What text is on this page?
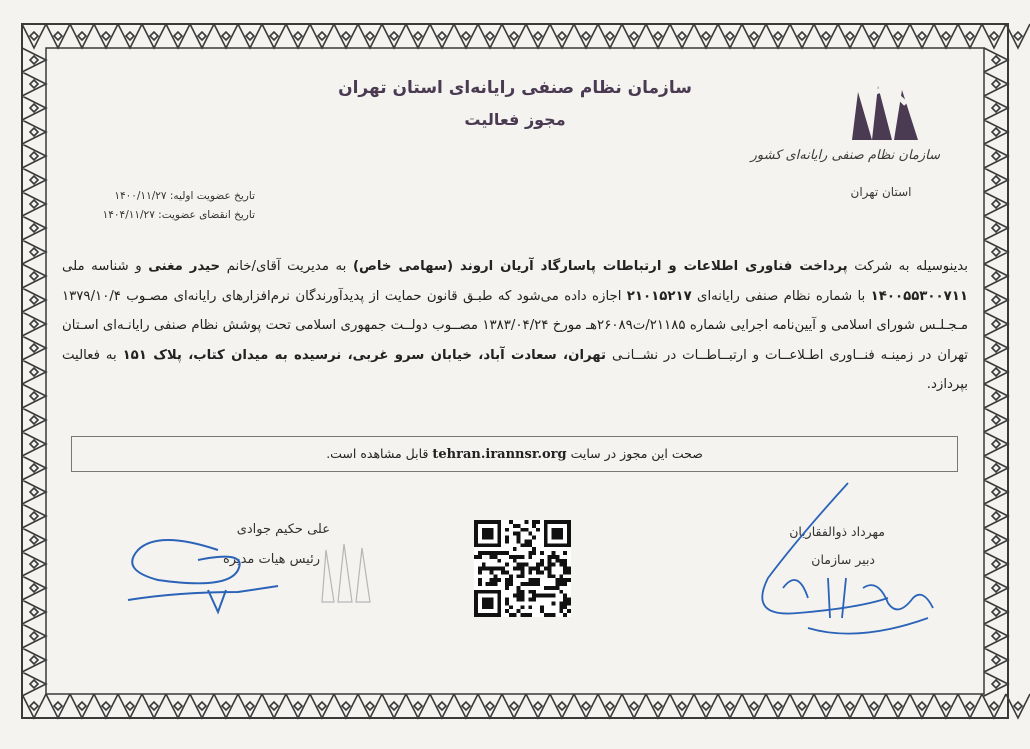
سازمان نظام صنفی رایانه‌ای کشور
استان تهران
سازمان نظام صنفی رایانه‌ای استان تهران
مجوز فعالیت
تاریخ عضویت اولیه: ۱۴۰۰/۱۱/۲۷
تاریخ انقضای عضویت: ۱۴۰۴/۱۱/۲۷
بدینوسیله به شرکت پرداخت فناوری اطلاعات و ارتباطات پاسارگاد آریان اروند (سهامی خاص) به مدیریت آقای/خانم حیدر مغنی و شناسه ملی ۱۴۰۰۵۵۳۰۰۷۱۱ با شماره نظام صنفی رایانه‌ای ۲۱۰۱۵۲۱۷ اجازه داده می‌شود که طبـق قانون حمایت از پدیدآورندگان نرم‌افزارهای رایانه‌ای مصـوب ۱۳۷۹/۱۰/۴ مـجـلـس شورای اسلامی و آیین‌نامه اجرایی شماره ۲۱۱۸۵/ت۲۶۰۸۹هـ مورخ ۱۳۸۳/۰۴/۲۴ مصــوب دولــت جمهوری اسلامی تحت پوشش نظام صنفی رایانـه‌ای اسـتان تهران در زمینـه فنــاوری اطـلاعــات و ارتبــاطــات در نشــانـی تهران، سعادت آباد، خیابان سرو غربی، نرسیده به میدان کتاب، پلاک ۱۵۱ به فعالیت بپردازد.
صحت این مجوز در سایت tehran.irannsr.org قابل مشاهده است.
علی حکیم جوادی
رئیس هیات مدیره
مهرداد ذوالفقاریان
دبیر سازمان
